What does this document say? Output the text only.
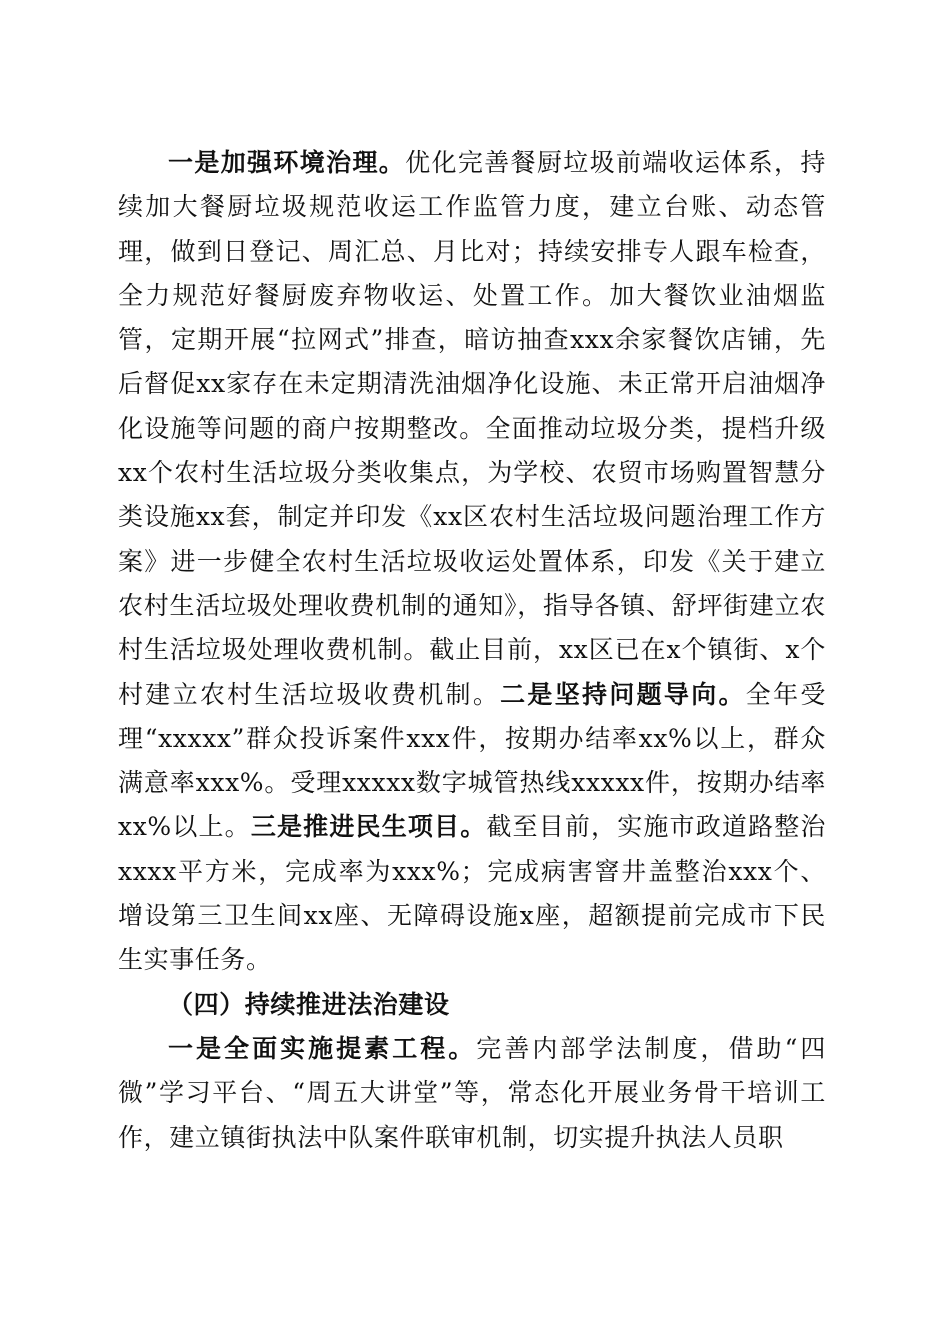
一是加强环境治理。优化完善餐厨垃圾前端收运体系，持续加大餐厨垃圾规范收运工作监管力度，建立台账、动态管理，做到日登记、周汇总、月比对；持续安排专人跟车检查，全力规范好餐厨废弃物收运、处置工作。加大餐饮业油烟监管，定期开展“拉网式”排查，暗访抽查xxx余家餐饮店铺，先后督促xx家存在未定期清洗油烟净化设施、未正常开启油烟净化设施等问题的商户按期整改。全面推动垃圾分类，提档升级xx个农村生活垃圾分类收集点，为学校、农贸市场购置智慧分类设施xx套，制定并印发《xx区农村生活垃圾问题治理工作方案》进一步健全农村生活垃圾收运处置体系，印发《关于建立农村生活垃圾处理收费机制的通知》，指导各镇、舒坪街建立农村生活垃圾处理收费机制。截止目前，xx区已在x个镇街、x个村建立农村生活垃圾收费机制。二是坚持问题导向。全年受理“xxxxx”群众投诉案件xxx件，按期办结率xx%以上，群众满意率xxx%。受理xxxxx数字城管热线xxxxx件，按期办结率xx%以上。三是推进民生项目。截至目前，实施市政道路整治xxxx平方米，完成率为xxx%；完成病害窨井盖整治xxx个、增设第三卫生间xx座、无障碍设施x座，超额提前完成市下民生实事任务。

（四）持续推进法治建设

一是全面实施提素工程。完善内部学法制度，借助“四微”学习平台、“周五大讲堂”等，常态化开展业务骨干培训工作，建立镇街执法中队案件联审机制，切实提升执法人员职
